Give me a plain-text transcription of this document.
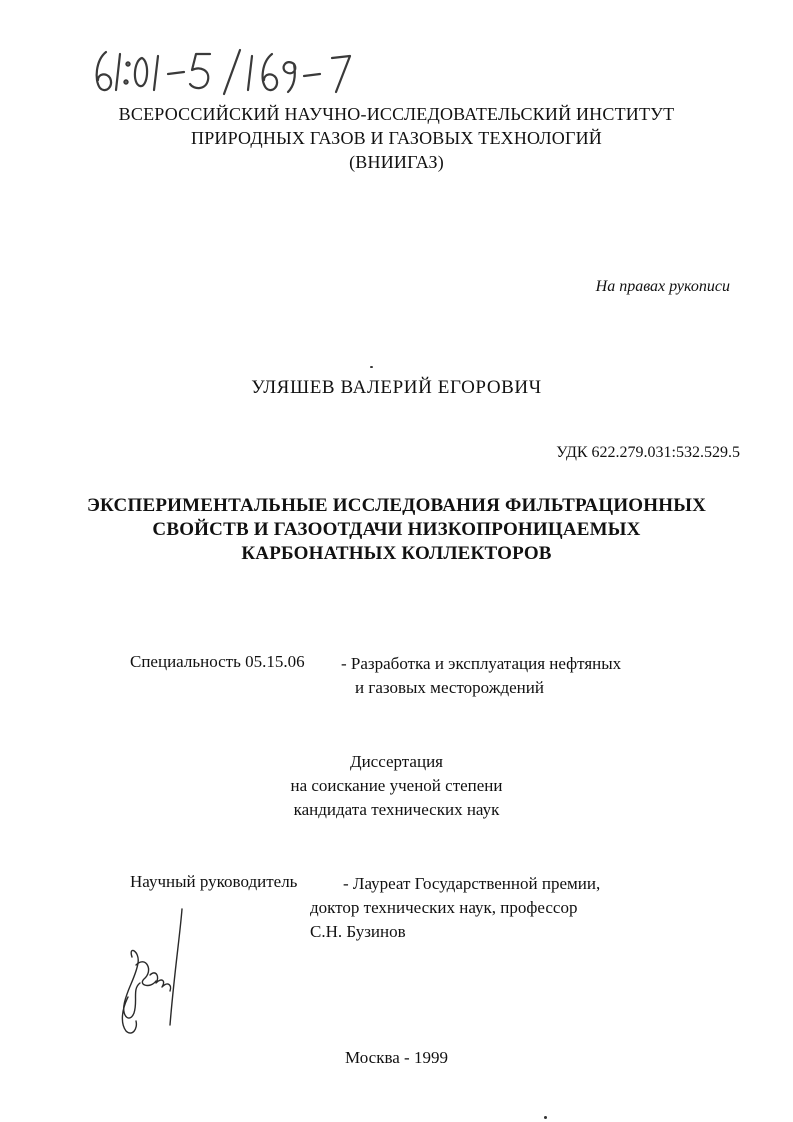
ВСЕРОССИЙСКИЙ НАУЧНО-ИССЛЕДОВАТЕЛЬСКИЙ ИНСТИТУТ
ПРИРОДНЫХ ГАЗОВ И ГАЗОВЫХ ТЕХНОЛОГИЙ
(ВНИИГАЗ)
На правах рукописи
УЛЯШЕВ ВАЛЕРИЙ ЕГОРОВИЧ
УДК 622.279.031:532.529.5
ЭКСПЕРИМЕНТАЛЬНЫЕ ИССЛЕДОВАНИЯ ФИЛЬТРАЦИОННЫХ
СВОЙСТВ И ГАЗООТДАЧИ НИЗКОПРОНИЦАЕМЫХ
КАРБОНАТНЫХ КОЛЛЕКТОРОВ
Специальность 05.15.06 - Разработка и эксплуатация нефтяных
и газовых месторождений
Диссертация
на соискание ученой степени
кандидата технических наук
Научный руководитель	- Лауреат Государственной премии,
доктор технических наук, профессор
С.Н. Бузинов
Москва - 1999
